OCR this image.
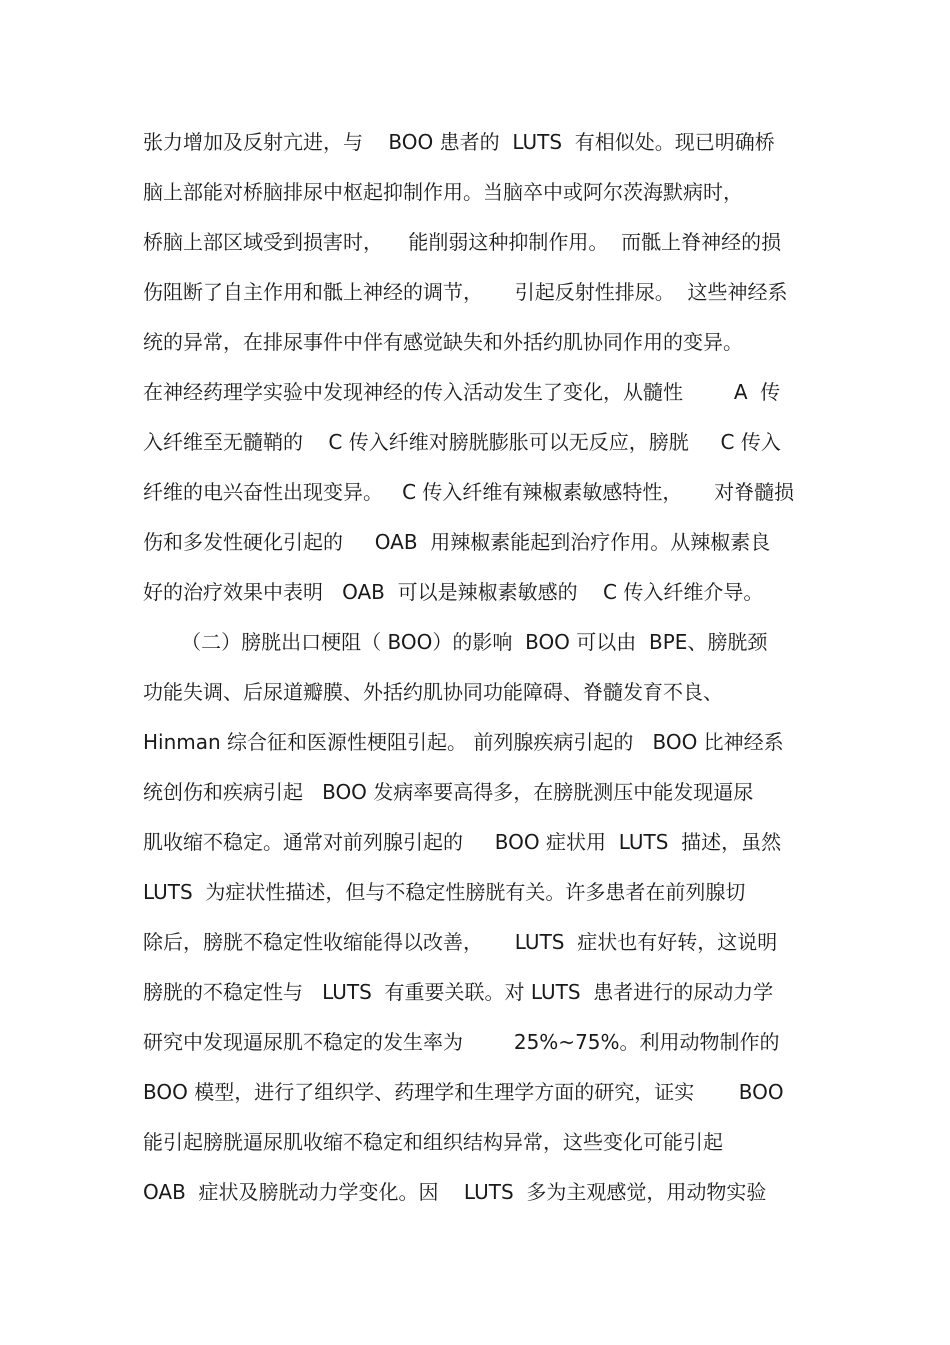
张力增加及反射亢进，与    BOO 患者的  LUTS  有相似处。现已明确桥
脑上部能对桥脑排尿中枢起抑制作用。当脑卒中或阿尔茨海默病时，
桥脑上部区域受到损害时，    能削弱这种抑制作用。  而骶上脊神经的损
伤阻断了自主作用和骶上神经的调节，     引起反射性排尿。  这些神经系
统的异常，在排尿事件中伴有感觉缺失和外括约肌协同作用的变异。
在神经药理学实验中发现神经的传入活动发生了变化，从髓性        A  传
入纤维至无髓鞘的    C 传入纤维对膀胱膨胀可以无反应，膀胱     C 传入
纤维的电兴奋性出现变异。   C 传入纤维有辣椒素敏感特性，     对脊髓损
伤和多发性硬化引起的     OAB  用辣椒素能起到治疗作用。从辣椒素良
好的治疗效果中表明   OAB  可以是辣椒素敏感的    C 传入纤维介导。
（二）膀胱出口梗阻（ BOO）的影响  BOO 可以由  BPE、膀胱颈
功能失调、后尿道瓣膜、外括约肌协同功能障碍、脊髓发育不良、
Hinman 综合征和医源性梗阻引起。 前列腺疾病引起的   BOO 比神经系
统创伤和疾病引起   BOO 发病率要高得多，在膀胱测压中能发现逼尿
肌收缩不稳定。通常对前列腺引起的     BOO 症状用  LUTS  描述，虽然
LUTS  为症状性描述，但与不稳定性膀胱有关。许多患者在前列腺切
除后，膀胱不稳定性收缩能得以改善，     LUTS  症状也有好转，这说明
膀胱的不稳定性与   LUTS  有重要关联。对 LUTS  患者进行的尿动力学
研究中发现逼尿肌不稳定的发生率为        25%~75%。利用动物制作的
BOO 模型，进行了组织学、药理学和生理学方面的研究，证实       BOO
能引起膀胱逼尿肌收缩不稳定和组织结构异常，这些变化可能引起
OAB  症状及膀胱动力学变化。因    LUTS  多为主观感觉，用动物实验
